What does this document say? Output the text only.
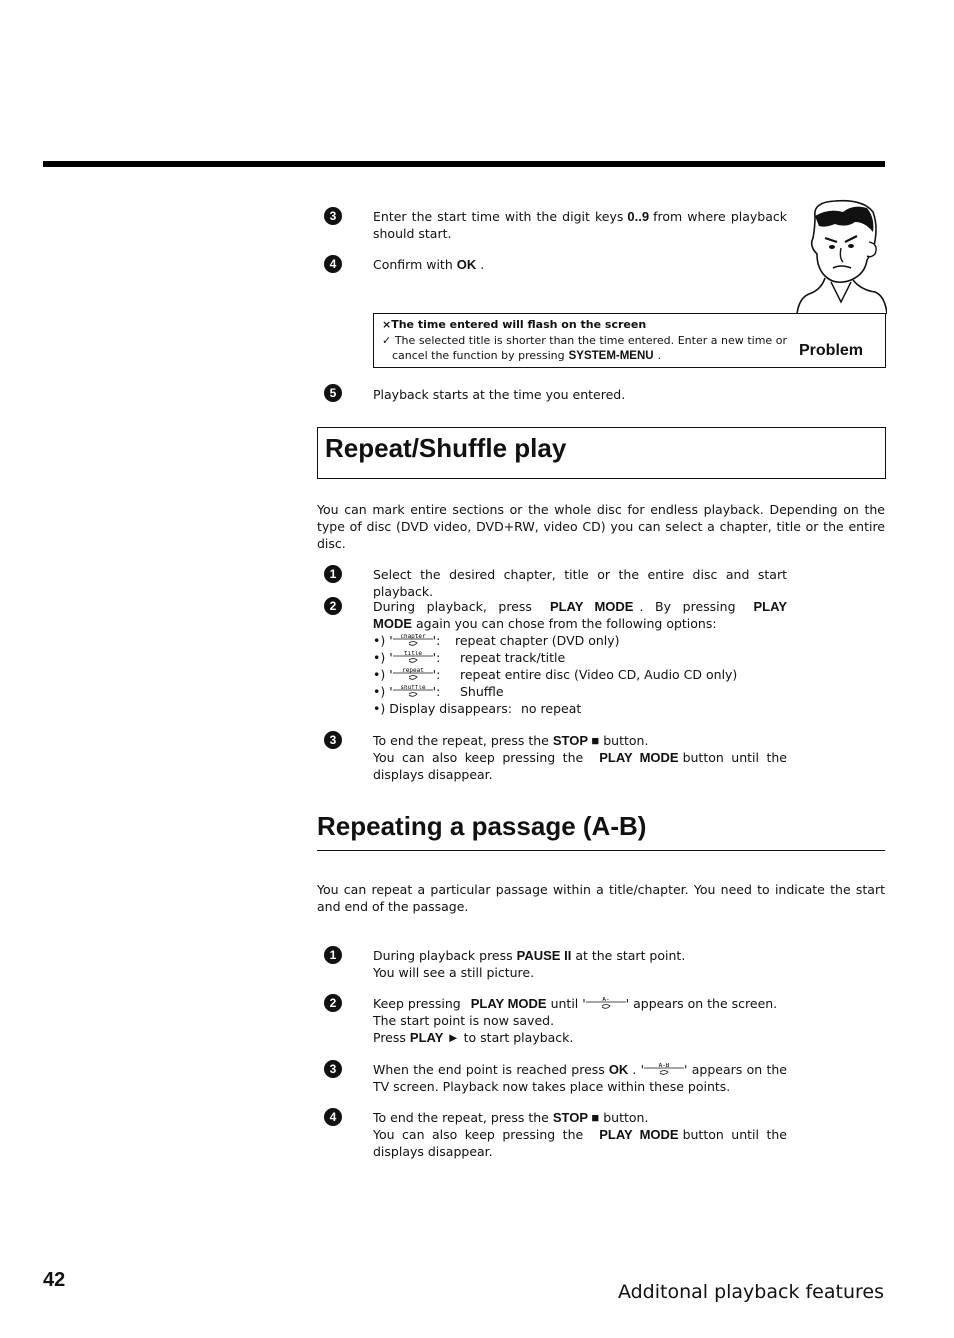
3	Enter the start time with the digit keys 0..9 from where playback should start.
4	Confirm with OK .
×The time entered will flash on the screen
✓ The selected title is shorter than the time entered. Enter a new time or cancel the function by pressing SYSTEM-MENU .	Problem
5	Playback starts at the time you entered.
Repeat/Shuffle play
You can mark entire sections or the whole disc for endless playback. Depending on the type of disc (DVD video, DVD+RW, video CD) you can select a chapter, title or the entire disc.
1	Select the desired chapter, title or the entire disc and start playback.
2	During playback, press PLAY MODE . By pressing PLAY MODE again you can chose from the following options:
•) ' chapter ':	repeat chapter (DVD only)
•) ' title ':	repeat track/title
•) ' repeat ':	repeat entire disc (Video CD, Audio CD only)
•) ' shuffle ':	Shuffle
•) Display disappears: no repeat
3	To end the repeat, press the STOP ■ button.
You can also keep pressing the PLAY MODE button until the displays disappear.
Repeating a passage (A-B)
You can repeat a particular passage within a title/chapter. You need to indicate the start and end of the passage.
1	During playback press PAUSE II at the start point.
You will see a still picture.
2	Keep pressing PLAY MODE until '	A- ' appears on the screen.
The start point is now saved.
Press PLAY ► to start playback.
3	When the end point is reached press OK . ' A-B ' appears on the TV screen. Playback now takes place within these points.
4	To end the repeat, press the STOP ■ button.
You can also keep pressing the PLAY MODE button until the displays disappear.
42
Additonal playback features
